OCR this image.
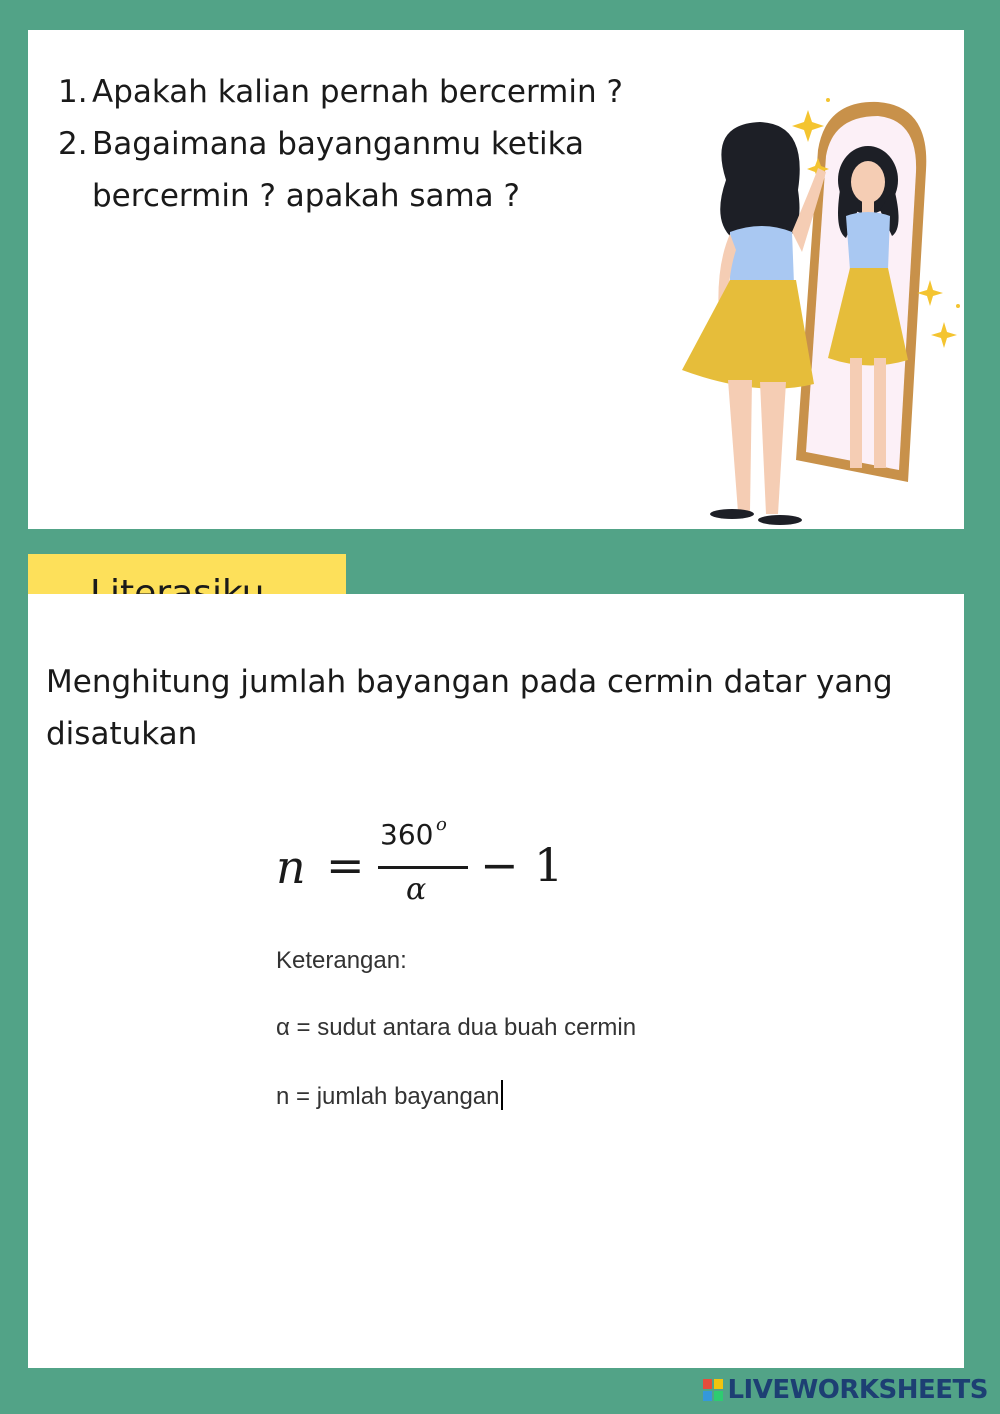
1. Apakah kalian pernah bercermin ?
2. Bagaimana bayanganmu ketika bercermin ? apakah sama ?

Menghitung jumlah bayangan pada cermin datar yang disatukan

n =
360 o
α − 1
Keterangan:
α = sudut antara dua buah cermin
n = jumlah bayangan
LIVEWORKSHEETS
